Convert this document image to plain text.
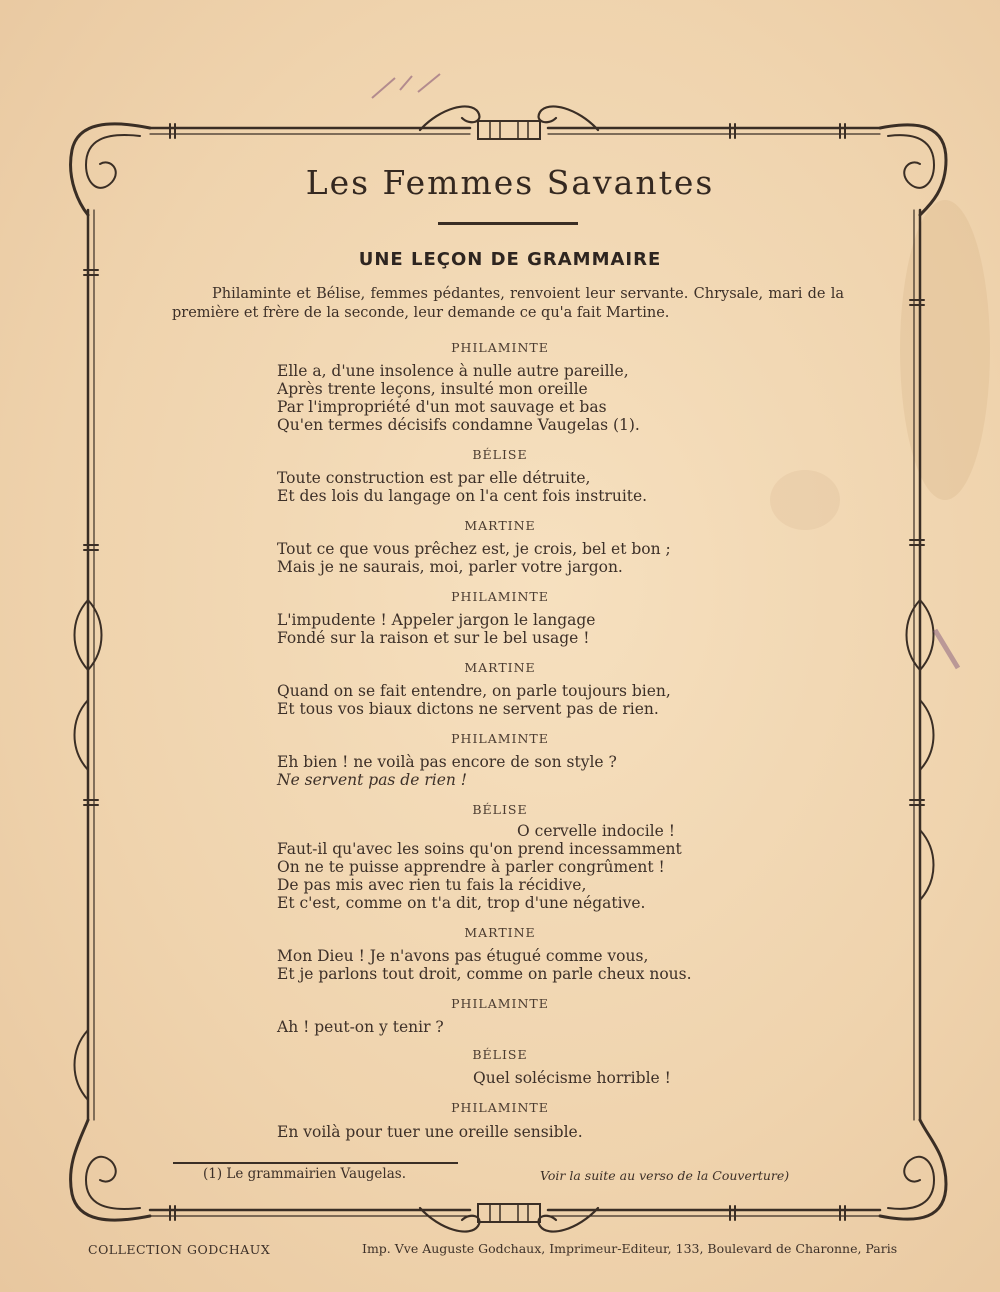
Les Femmes Savantes
UNE LEÇON DE GRAMMAIRE
Philaminte et Bélise, femmes pédantes, renvoient leur servante. Chrysale, mari de la première et frère de la seconde, leur demande ce qu'a fait Martine.
PHILAMINTE
Elle a, d'une insolence à nulle autre pareille,
Après trente leçons, insulté mon oreille
Par l'impropriété d'un mot sauvage et bas
Qu'en termes décisifs condamne Vaugelas (1).
BÉLISE
Toute construction est par elle détruite,
Et des lois du langage on l'a cent fois instruite.
MARTINE
Tout ce que vous prêchez est, je crois, bel et bon ;
Mais je ne saurais, moi, parler votre jargon.
PHILAMINTE
L'impudente ! Appeler jargon le langage
Fondé sur la raison et sur le bel usage !
MARTINE
Quand on se fait entendre, on parle toujours bien,
Et tous vos biaux dictons ne servent pas de rien.
PHILAMINTE
Eh bien ! ne voilà pas encore de son style ?
Ne servent pas de rien !
BÉLISE
O cervelle indocile !
Faut-il qu'avec les soins qu'on prend incessamment
On ne te puisse apprendre à parler congrûment !
De pas mis avec rien tu fais la récidive,
Et c'est, comme on t'a dit, trop d'une négative.
MARTINE
Mon Dieu ! Je n'avons pas étugué comme vous,
Et je parlons tout droit, comme on parle cheux nous.
PHILAMINTE
Ah ! peut-on y tenir ?
BÉLISE
Quel solécisme horrible !
PHILAMINTE
En voilà pour tuer une oreille sensible.
(1) Le grammairien Vaugelas.	Voir la suite au verso de la Couverture)
COLLECTION GODCHAUX	Imp. Vve Auguste Godchaux, Imprimeur-Editeur, 133, Boulevard de Charonne, Paris
